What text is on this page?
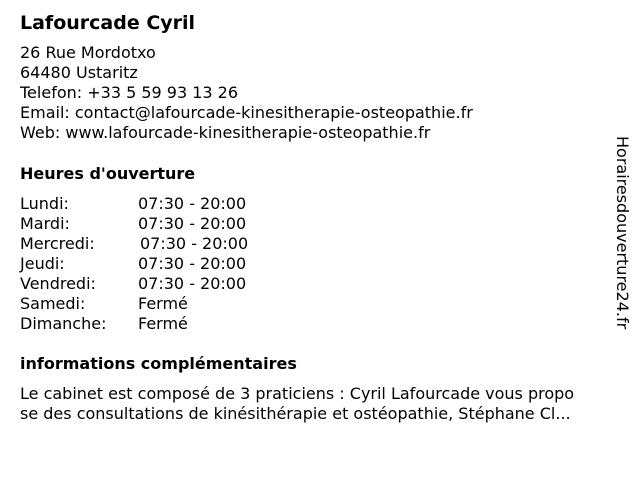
Lafourcade Cyril
26 Rue Mordotxo
64480 Ustaritz
Telefon: +33 5 59 93 13 26
Email: contact@lafourcade-kinesitherapie-osteopathie.fr
Web: www.lafourcade-kinesitherapie-osteopathie.fr
Heures d'ouverture
Lundi:	07:30 - 20:00
Mardi:	07:30 - 20:00
Mercredi:	07:30 - 20:00
Jeudi:	07:30 - 20:00
Vendredi:	07:30 - 20:00
Samedi:	Fermé
Dimanche: Fermé
informations complémentaires
Le cabinet est composé de 3 praticiens : Cyril Lafourcade vous propo
se des consultations de kinésithérapie et ostéopathie, Stéphane Cl...
Horairesdouverture24.fr
